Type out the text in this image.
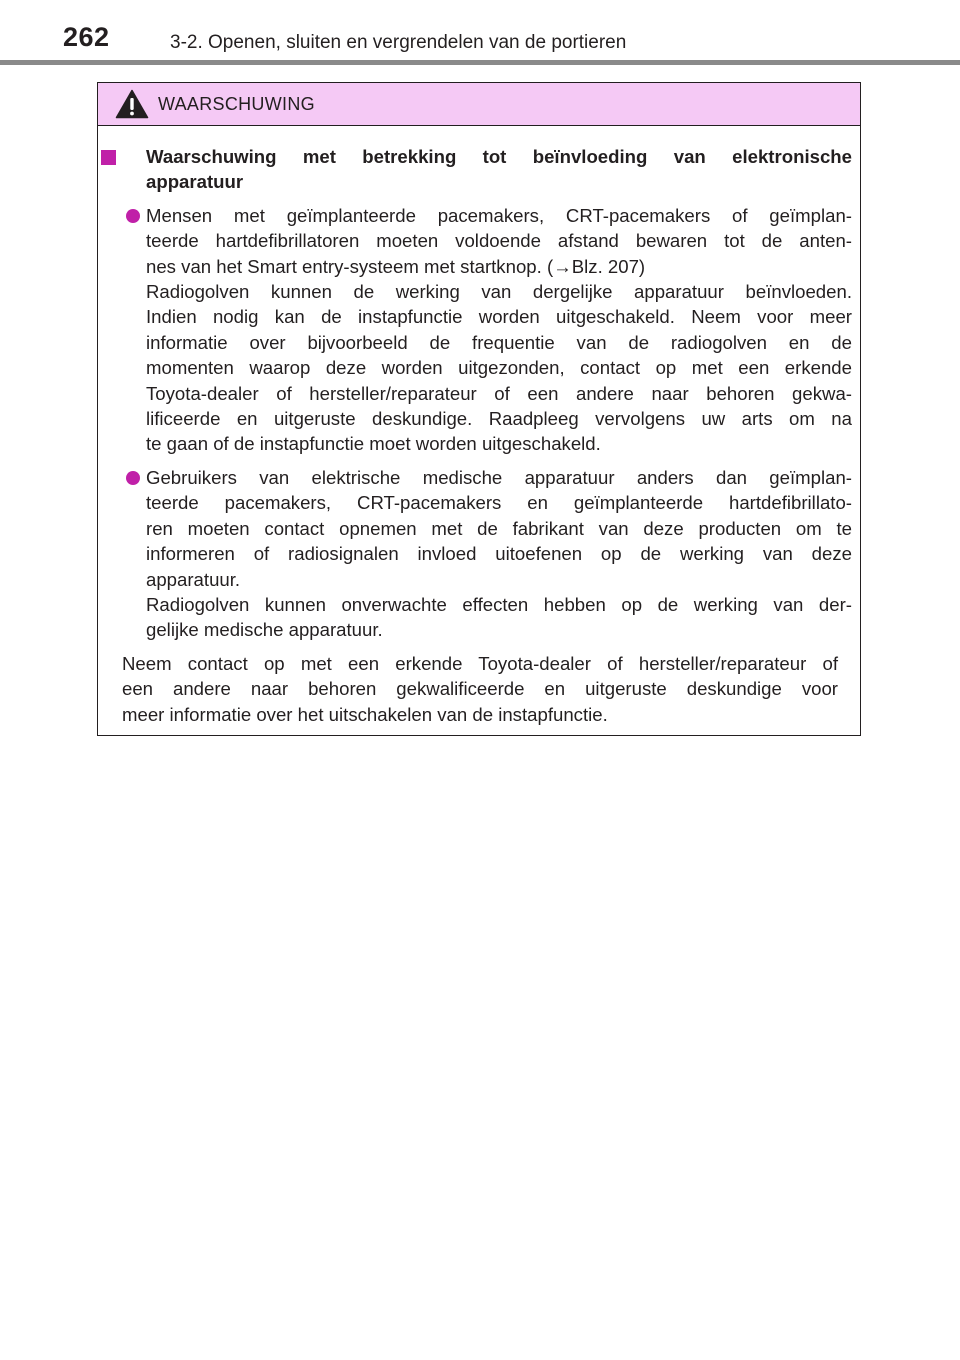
262	3-2. Openen, sluiten en vergrendelen van de portieren
WAARSCHUWING
Waarschuwing met betrekking tot beïnvloeding van elektronische
apparatuur
Mensen met geïmplanteerde pacemakers, CRT-pacemakers of geïmplan-
teerde hartdefibrillatoren moeten voldoende afstand bewaren tot de anten-
nes van het Smart entry-systeem met startknop. (→Blz. 207)
Radiogolven kunnen de werking van dergelijke apparatuur beïnvloeden.
Indien nodig kan de instapfunctie worden uitgeschakeld. Neem voor meer
informatie over bijvoorbeeld de frequentie van de radiogolven en de
momenten waarop deze worden uitgezonden, contact op met een erkende
Toyota-dealer of hersteller/reparateur of een andere naar behoren gekwa-
lificeerde en uitgeruste deskundige. Raadpleeg vervolgens uw arts om na
te gaan of de instapfunctie moet worden uitgeschakeld.
Gebruikers van elektrische medische apparatuur anders dan geïmplan-
teerde pacemakers, CRT-pacemakers en geïmplanteerde hartdefibrillato-
ren moeten contact opnemen met de fabrikant van deze producten om te
informeren of radiosignalen invloed uitoefenen op de werking van deze
apparatuur.
Radiogolven kunnen onverwachte effecten hebben op de werking van der-
gelijke medische apparatuur.
Neem contact op met een erkende Toyota-dealer of hersteller/reparateur of
een andere naar behoren gekwalificeerde en uitgeruste deskundige voor
meer informatie over het uitschakelen van de instapfunctie.
